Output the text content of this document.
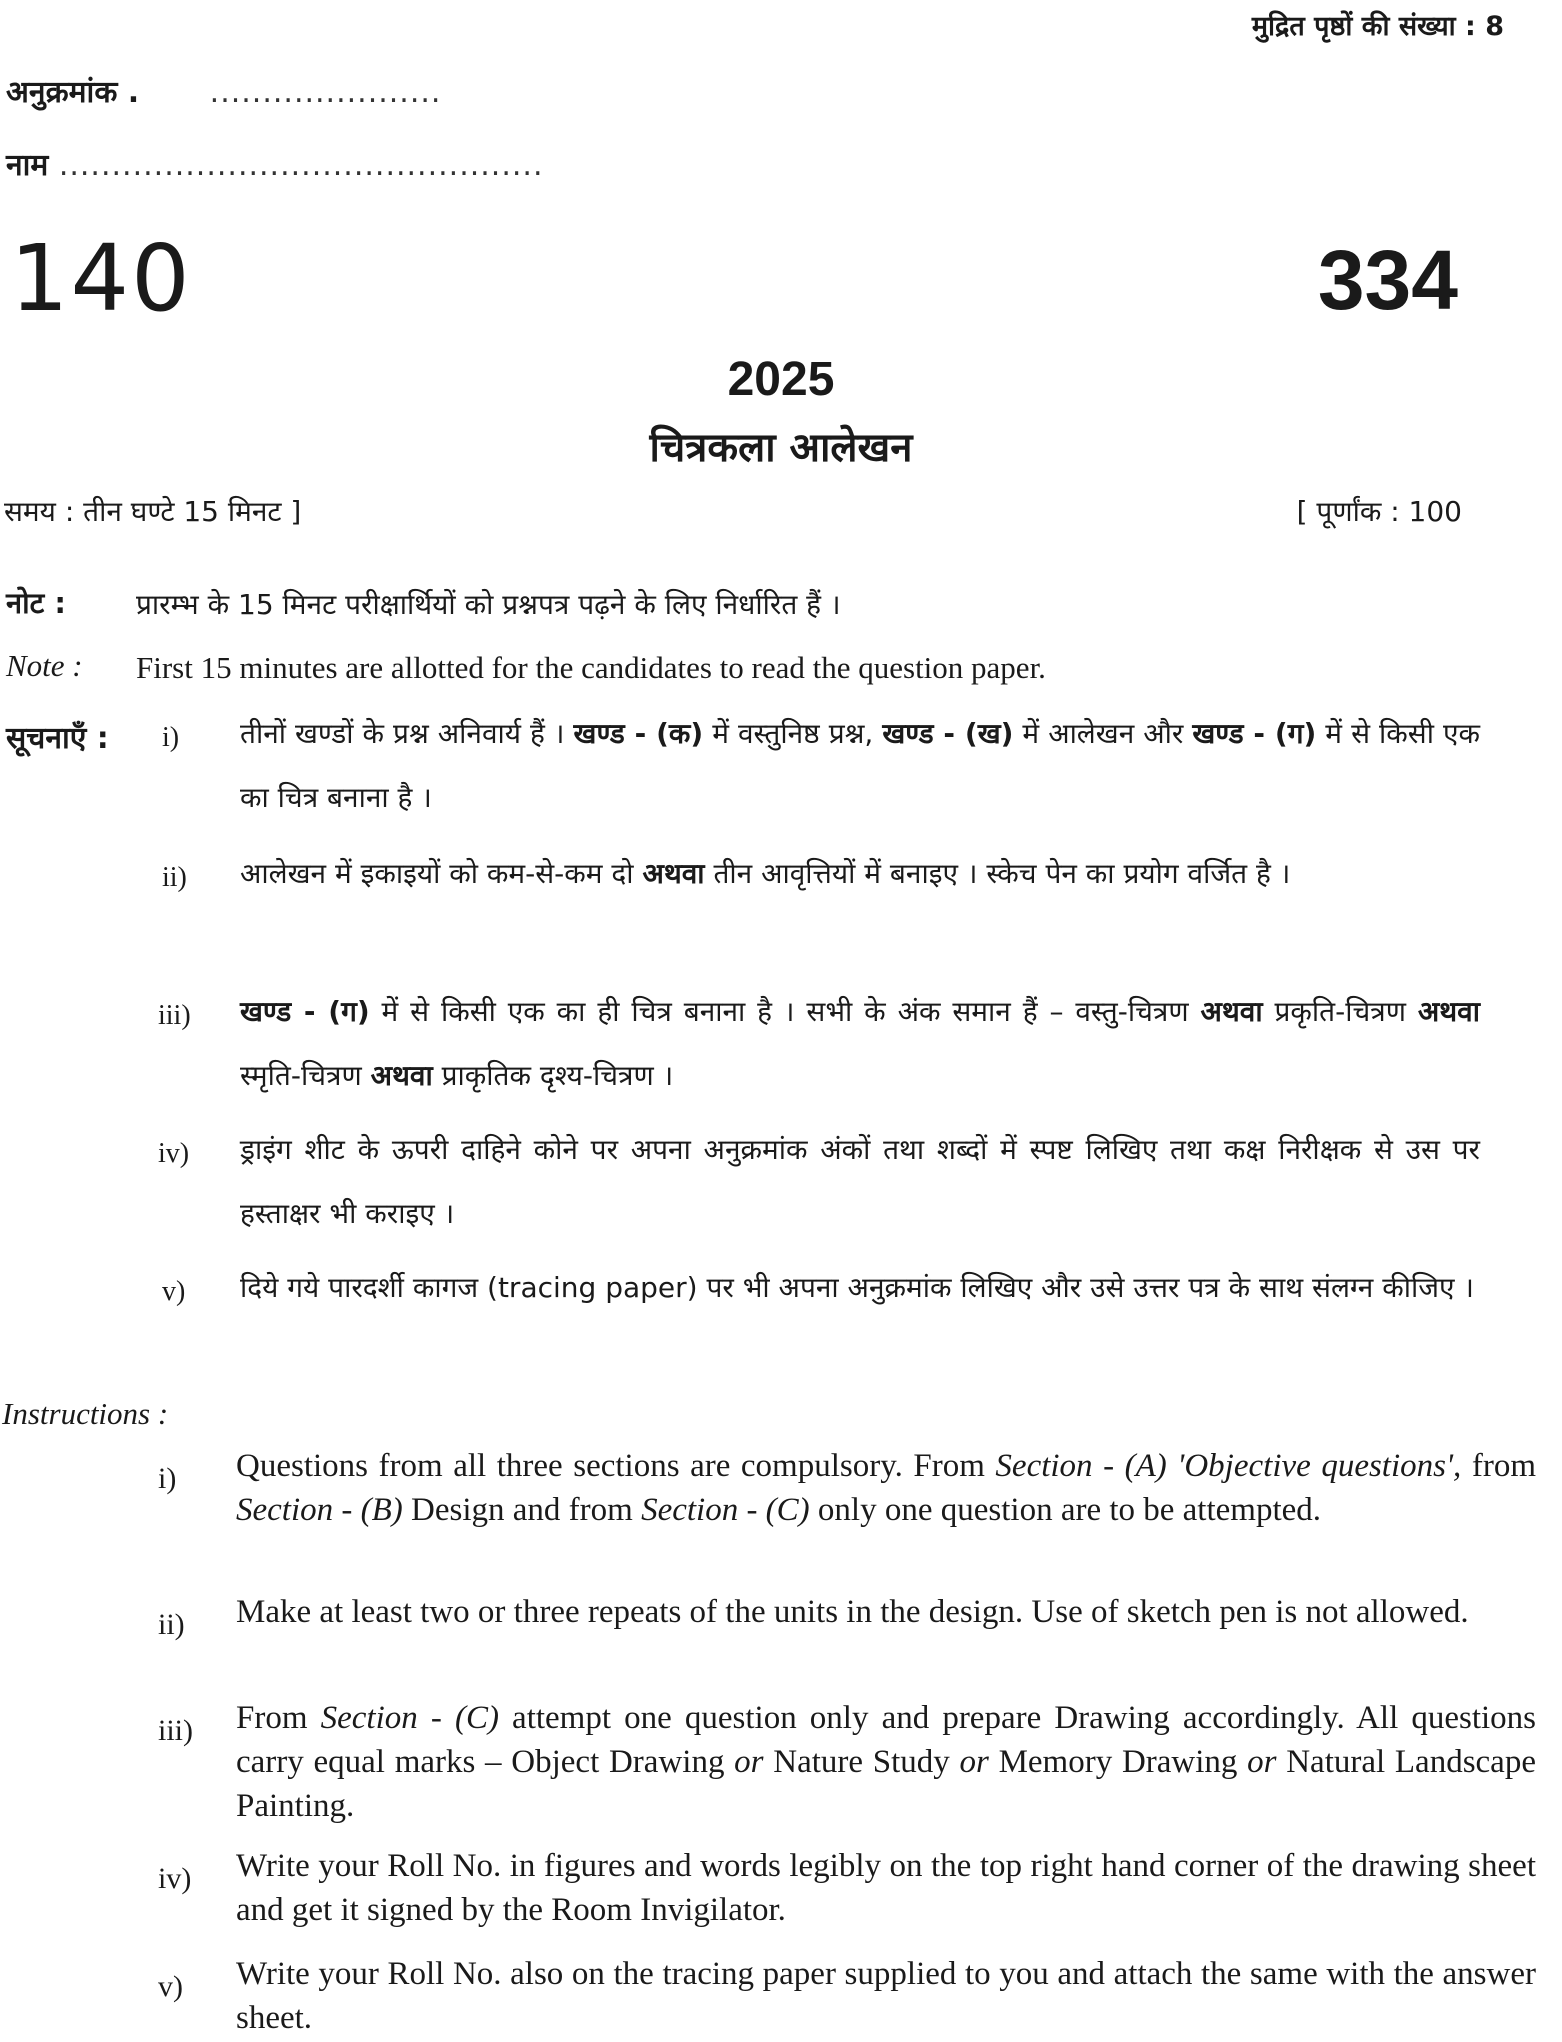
मुद्रित पृष्ठों की संख्या : 8
अनुक्रमांक . ......................
नाम ..............................................
140	334
2025
चित्रकला आलेखन
समय : तीन घण्टे 15 मिनट ]	[ पूर्णांक : 100
नोट :	प्रारम्भ के 15 मिनट परीक्षार्थियों को प्रश्नपत्र पढ़ने के लिए निर्धारित हैं ।
Note : First 15 minutes are allotted for the candidates to read the question paper.
सूचनाएँ : i) तीनों खण्डों के प्रश्न अनिवार्य हैं । खण्ड - (क) में वस्तुनिष्ठ प्रश्न, खण्ड - (ख) में आलेखन और खण्ड - (ग) में से किसी एक का चित्र बनाना है ।
ii) आलेखन में इकाइयों को कम-से-कम दो अथवा तीन आवृत्तियों में बनाइए । स्केच पेन का प्रयोग वर्जित है ।
iii) खण्ड - (ग) में से किसी एक का ही चित्र बनाना है । सभी के अंक समान हैं – वस्तु-चित्रण अथवा प्रकृति-चित्रण अथवा स्मृति-चित्रण अथवा प्राकृतिक दृश्य-चित्रण ।
iv) ड्राइंग शीट के ऊपरी दाहिने कोने पर अपना अनुक्रमांक अंकों तथा शब्दों में स्पष्ट लिखिए तथा कक्ष निरीक्षक से उस पर हस्ताक्षर भी कराइए ।
v) दिये गये पारदर्शी कागज (tracing paper) पर भी अपना अनुक्रमांक लिखिए और उसे उत्तर पत्र के साथ संलग्न कीजिए ।
Instructions :
i) Questions from all three sections are compulsory. From Section - (A) 'Objective questions', from Section - (B) Design and from Section - (C) only one question are to be attempted.
ii) Make at least two or three repeats of the units in the design. Use of sketch pen is not allowed.
iii) From Section - (C) attempt one question only and prepare Drawing accordingly. All questions carry equal marks – Object Drawing or Nature Study or Memory Drawing or Natural Landscape Painting.
iv) Write your Roll No. in figures and words legibly on the top right hand corner of the drawing sheet and get it signed by the Room Invigilator.
v) Write your Roll No. also on the tracing paper supplied to you and attach the same with the answer sheet.
